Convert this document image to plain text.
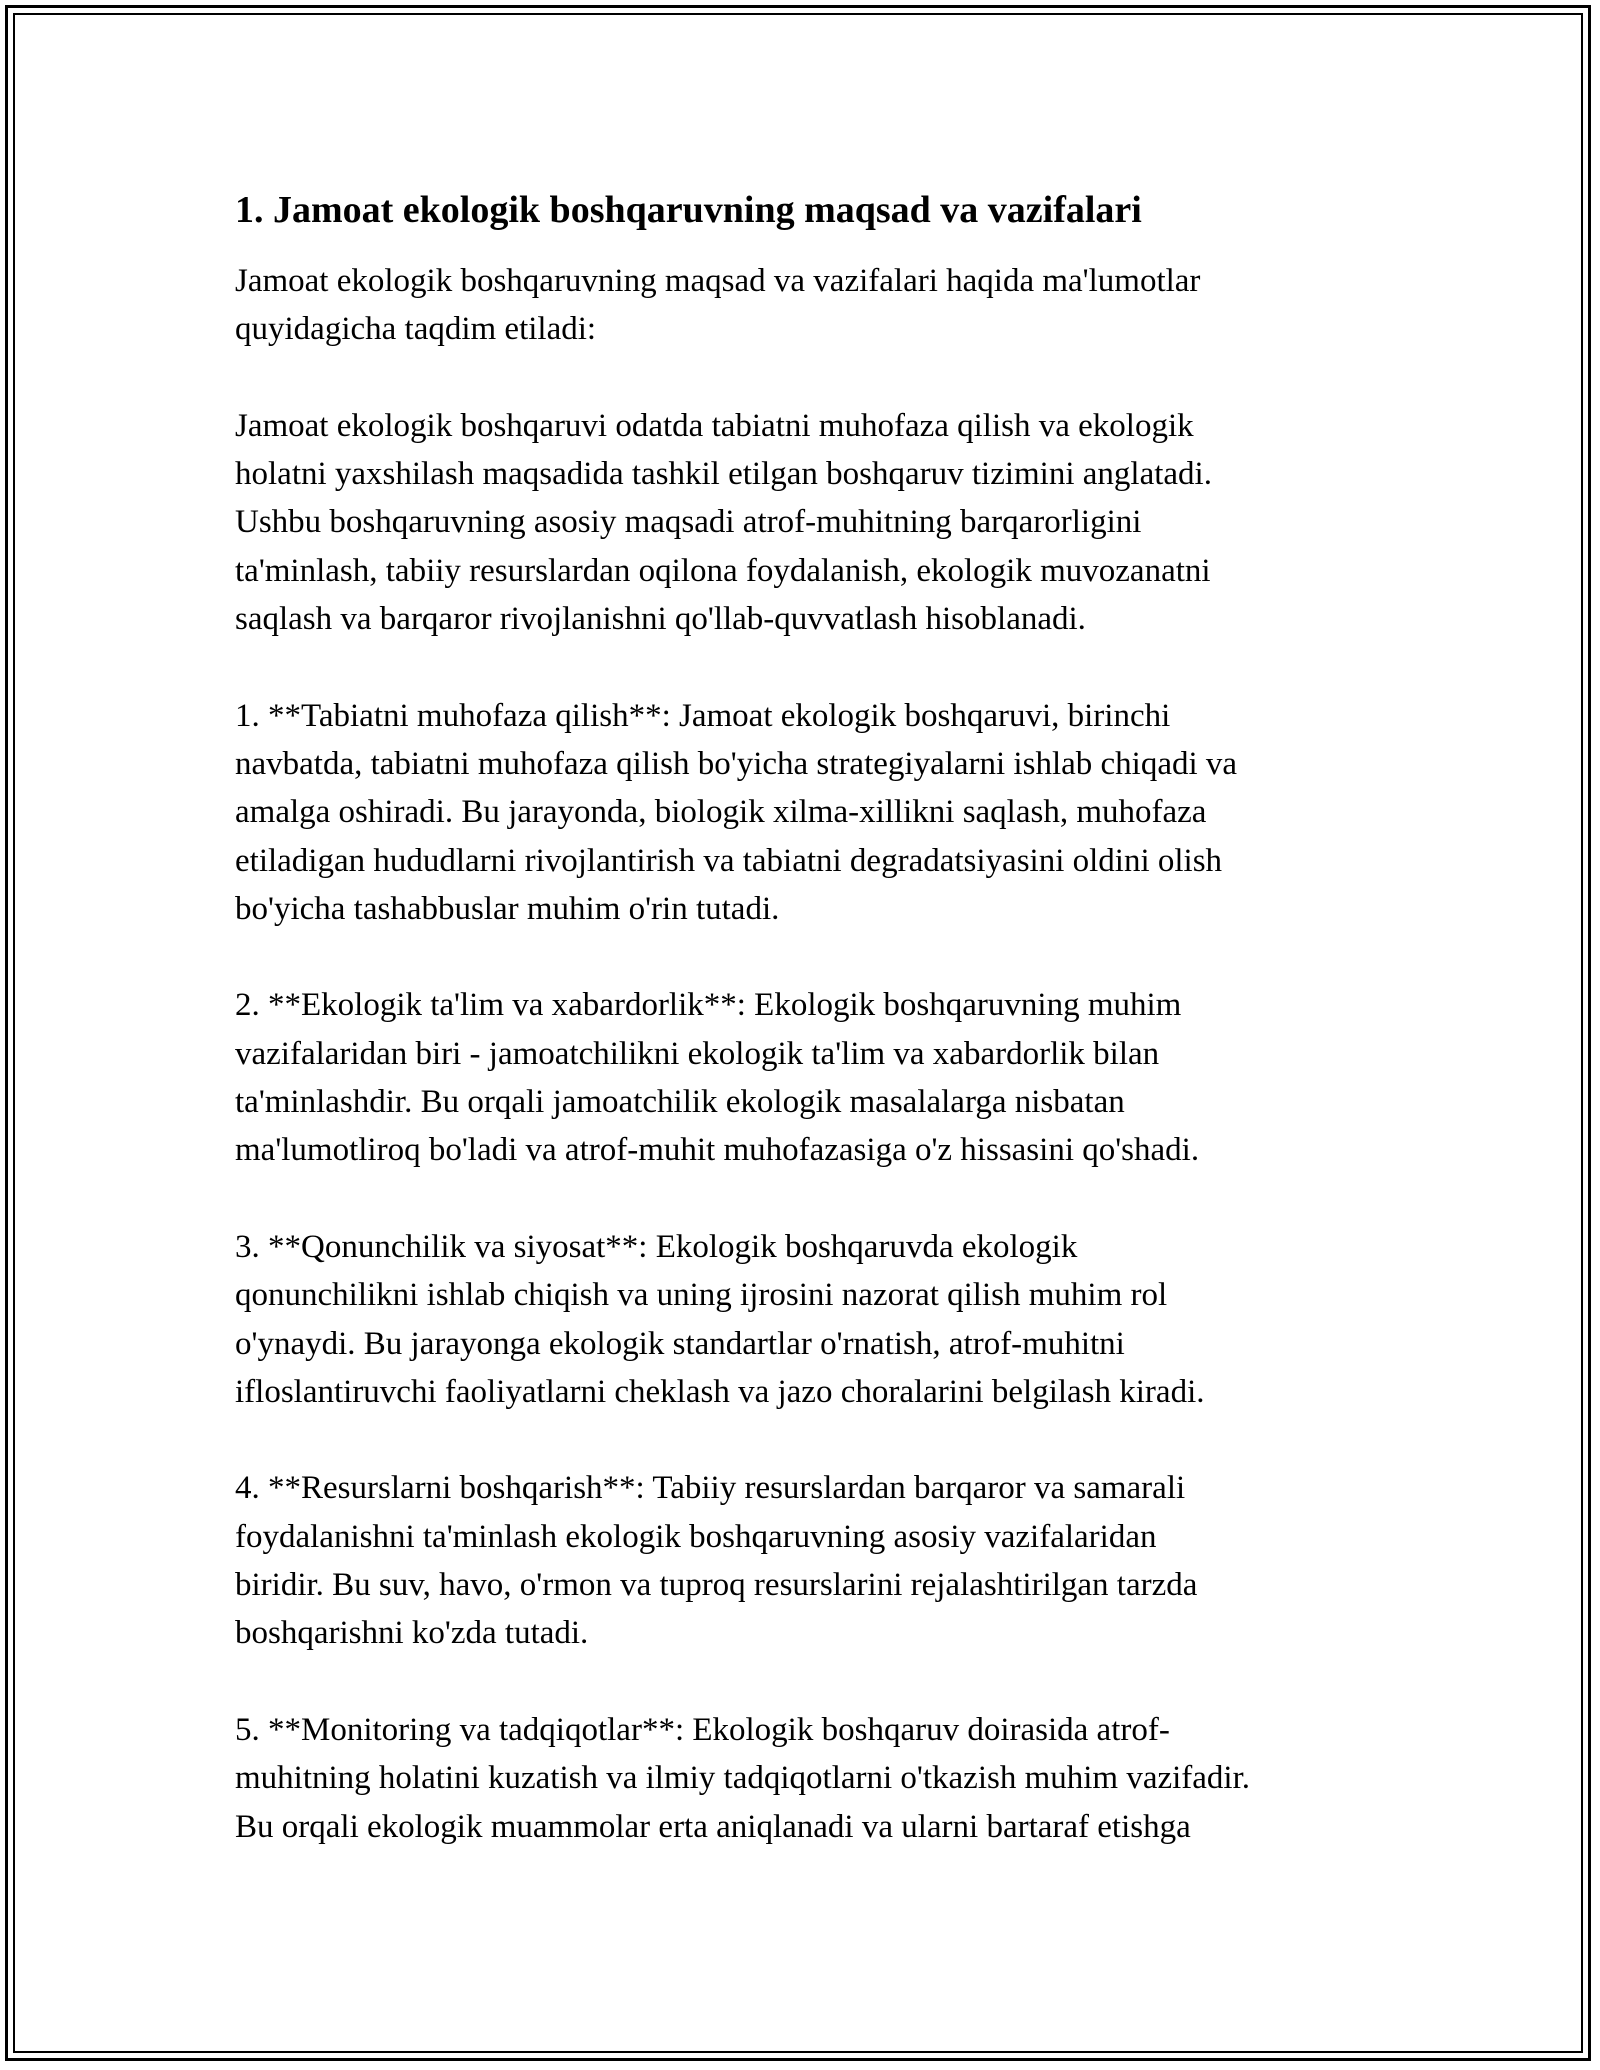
1. Jamoat ekologik boshqaruvning maqsad va vazifalari

Jamoat ekologik boshqaruvning maqsad va vazifalari haqida ma'lumotlar
quyidagicha taqdim etiladi:

Jamoat ekologik boshqaruvi odatda tabiatni muhofaza qilish va ekologik
holatni yaxshilash maqsadida tashkil etilgan boshqaruv tizimini anglatadi.
Ushbu boshqaruvning asosiy maqsadi atrof-muhitning barqarorligini
ta'minlash, tabiiy resurslardan oqilona foydalanish, ekologik muvozanatni
saqlash va barqaror rivojlanishni qo'llab-quvvatlash hisoblanadi.

1. **Tabiatni muhofaza qilish**: Jamoat ekologik boshqaruvi, birinchi
navbatda, tabiatni muhofaza qilish bo'yicha strategiyalarni ishlab chiqadi va
amalga oshiradi. Bu jarayonda, biologik xilma-xillikni saqlash, muhofaza
etiladigan hududlarni rivojlantirish va tabiatni degradatsiyasini oldini olish
bo'yicha tashabbuslar muhim o'rin tutadi.

2. **Ekologik ta'lim va xabardorlik**: Ekologik boshqaruvning muhim
vazifalaridan biri - jamoatchilikni ekologik ta'lim va xabardorlik bilan
ta'minlashdir. Bu orqali jamoatchilik ekologik masalalarga nisbatan
ma'lumotliroq bo'ladi va atrof-muhit muhofazasiga o'z hissasini qo'shadi.

3. **Qonunchilik va siyosat**: Ekologik boshqaruvda ekologik
qonunchilikni ishlab chiqish va uning ijrosini nazorat qilish muhim rol
o'ynaydi. Bu jarayonga ekologik standartlar o'rnatish, atrof-muhitni
ifloslantiruvchi faoliyatlarni cheklash va jazo choralarini belgilash kiradi.

4. **Resurslarni boshqarish**: Tabiiy resurslardan barqaror va samarali
foydalanishni ta'minlash ekologik boshqaruvning asosiy vazifalaridan
biridir. Bu suv, havo, o'rmon va tuproq resurslarini rejalashtirilgan tarzda
boshqarishni ko'zda tutadi.

5. **Monitoring va tadqiqotlar**: Ekologik boshqaruv doirasida atrof-
muhitning holatini kuzatish va ilmiy tadqiqotlarni o'tkazish muhim vazifadir.
Bu orqali ekologik muammolar erta aniqlanadi va ularni bartaraf etishga
